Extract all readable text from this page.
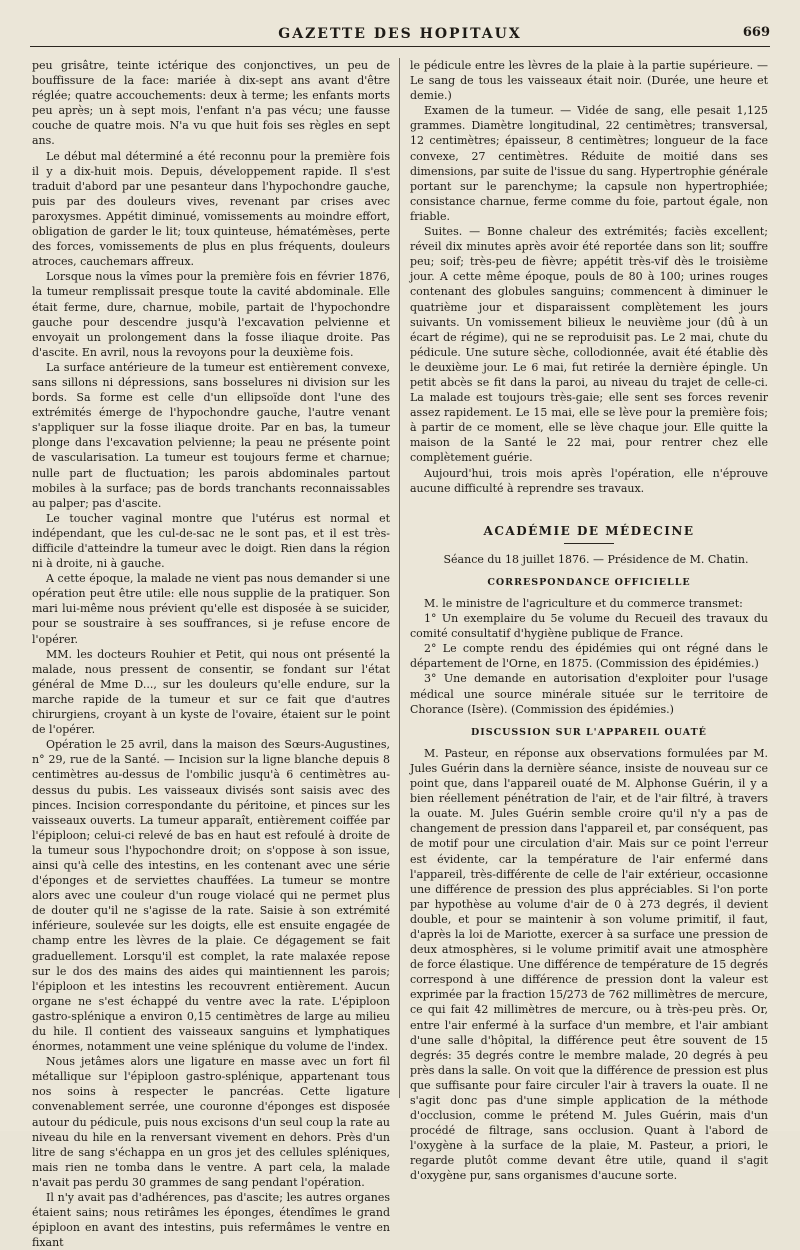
GAZETTE DES HOPITAUX	669

peu grisâtre, teinte ictérique des conjonctives, un peu de bouffissure de la face: mariée à dix-sept ans avant d'être réglée; quatre accouchements: deux à terme; les enfants morts peu après; un à sept mois, l'enfant n'a pas vécu; une fausse couche de quatre mois. N'a vu que huit fois ses règles en sept ans.

Le début mal déterminé a été reconnu pour la première fois il y a dix-huit mois. Depuis, développement rapide. Il s'est traduit d'abord par une pesanteur dans l'hypochondre gauche, puis par des douleurs vives, revenant par crises avec paroxysmes. Appétit diminué, vomissements au moindre effort, obligation de garder le lit; toux quinteuse, hématémèses, perte des forces, vomissements de plus en plus fréquents, douleurs atroces, cauchemars affreux.

Lorsque nous la vîmes pour la première fois en février 1876, la tumeur remplissait presque toute la cavité abdominale. Elle était ferme, dure, charnue, mobile, partait de l'hypochondre gauche pour descendre jusqu'à l'excavation pelvienne et envoyait un prolongement dans la fosse iliaque droite. Pas d'ascite. En avril, nous la revoyons pour la deuxième fois.

La surface antérieure de la tumeur est entièrement convexe, sans sillons ni dépressions, sans bosselures ni division sur les bords. Sa forme est celle d'un ellipsoïde dont l'une des extrémités émerge de l'hypochondre gauche, l'autre venant s'appliquer sur la fosse iliaque droite. Par en bas, la tumeur plonge dans l'excavation pelvienne; la peau ne présente point de vascularisation. La tumeur est toujours ferme et charnue; nulle part de fluctuation; les parois abdominales partout mobiles à la surface; pas de bords tranchants reconnaissables au palper; pas d'ascite.

Le toucher vaginal montre que l'utérus est normal et indépendant, que les cul-de-sac ne le sont pas, et il est très-difficile d'atteindre la tumeur avec le doigt. Rien dans la région ni à droite, ni à gauche.

A cette époque, la malade ne vient pas nous demander si une opération peut être utile: elle nous supplie de la pratiquer. Son mari lui-même nous prévient qu'elle est disposée à se suicider, pour se soustraire à ses souffrances, si je refuse encore de l'opérer.

MM. les docteurs Rouhier et Petit, qui nous ont présenté la malade, nous pressent de consentir, se fondant sur l'état général de Mme D..., sur les douleurs qu'elle endure, sur la marche rapide de la tumeur et sur ce fait que d'autres chirurgiens, croyant à un kyste de l'ovaire, étaient sur le point de l'opérer.

Opération le 25 avril, dans la maison des Sœurs-Augustines, n° 29, rue de la Santé. — Incision sur la ligne blanche depuis 8 centimètres au-dessus de l'ombilic jusqu'à 6 centimètres au-dessus du pubis. Les vaisseaux divisés sont saisis avec des pinces. Incision correspondante du péritoine, et pinces sur les vaisseaux ouverts. La tumeur apparaît, entièrement coiffée par l'épiploon; celui-ci relevé de bas en haut est refoulé à droite de la tumeur sous l'hypochondre droit; on s'oppose à son issue, ainsi qu'à celle des intestins, en les contenant avec une série d'éponges et de serviettes chauffées. La tumeur se montre alors avec une couleur d'un rouge violacé qui ne permet plus de douter qu'il ne s'agisse de la rate. Saisie à son extrémité inférieure, soulevée sur les doigts, elle est ensuite engagée de champ entre les lèvres de la plaie. Ce dégagement se fait graduellement. Lorsqu'il est complet, la rate malaxée repose sur le dos des mains des aides qui maintiennent les parois; l'épiploon et les intestins les recouvrent entièrement. Aucun organe ne s'est échappé du ventre avec la rate. L'épiploon gastro-splénique a environ 0,15 centimètres de large au milieu du hile. Il contient des vaisseaux sanguins et lymphatiques énormes, notamment une veine splénique du volume de l'index.

Nous jetâmes alors une ligature en masse avec un fort fil métallique sur l'épiploon gastro-splénique, appartenant tous nos soins à respecter le pancréas. Cette ligature convenablement serrée, une couronne d'éponges est disposée autour du pédicule, puis nous excisons d'un seul coup la rate au niveau du hile en la renversant vivement en dehors. Près d'un litre de sang s'échappa en un gros jet des cellules spléniques, mais rien ne tomba dans le ventre. A part cela, la malade n'avait pas perdu 30 grammes de sang pendant l'opération.

Il n'y avait pas d'adhérences, pas d'ascite; les autres organes étaient sains; nous retirâmes les éponges, étendîmes le grand épiploon en avant des intestins, puis refermâmes le ventre en fixant

le pédicule entre les lèvres de la plaie à la partie supérieure. — Le sang de tous les vaisseaux était noir. (Durée, une heure et demie.)

Examen de la tumeur. — Vidée de sang, elle pesait 1,125 grammes. Diamètre longitudinal, 22 centimètres; transversal, 12 centimètres; épaisseur, 8 centimètres; longueur de la face convexe, 27 centimètres. Réduite de moitié dans ses dimensions, par suite de l'issue du sang. Hypertrophie générale portant sur le parenchyme; la capsule non hypertrophiée; consistance charnue, ferme comme du foie, partout égale, non friable.

Suites. — Bonne chaleur des extrémités; faciès excellent; réveil dix minutes après avoir été reportée dans son lit; souffre peu; soif; très-peu de fièvre; appétit très-vif dès le troisième jour. A cette même époque, pouls de 80 à 100; urines rouges contenant des globules sanguins; commencent à diminuer le quatrième jour et disparaissent complètement les jours suivants. Un vomissement bilieux le neuvième jour (dû à un écart de régime), qui ne se reproduisit pas. Le 2 mai, chute du pédicule. Une suture sèche, collodionnée, avait été établie dès le deuxième jour. Le 6 mai, fut retirée la dernière épingle. Un petit abcès se fit dans la paroi, au niveau du trajet de celle-ci. La malade est toujours très-gaie; elle sent ses forces revenir assez rapidement. Le 15 mai, elle se lève pour la première fois; à partir de ce moment, elle se lève chaque jour. Elle quitte la maison de la Santé le 22 mai, pour rentrer chez elle complètement guérie.

Aujourd'hui, trois mois après l'opération, elle n'éprouve aucune difficulté à reprendre ses travaux.

ACADÉMIE DE MÉDECINE

Séance du 18 juillet 1876. — Présidence de M. Chatin.

CORRESPONDANCE OFFICIELLE

M. le ministre de l'agriculture et du commerce transmet:

1° Un exemplaire du 5e volume du Recueil des travaux du comité consultatif d'hygiène publique de France.

2° Le compte rendu des épidémies qui ont régné dans le département de l'Orne, en 1875. (Commission des épidémies.)

3° Une demande en autorisation d'exploiter pour l'usage médical une source minérale située sur le territoire de Chorance (Isère). (Commission des épidémies.)

DISCUSSION SUR L'APPAREIL OUATÉ

M. Pasteur, en réponse aux observations formulées par M. Jules Guérin dans la dernière séance, insiste de nouveau sur ce point que, dans l'appareil ouaté de M. Alphonse Guérin, il y a bien réellement pénétration de l'air, et de l'air filtré, à travers la ouate. M. Jules Guérin semble croire qu'il n'y a pas de changement de pression dans l'appareil et, par conséquent, pas de motif pour une circulation d'air. Mais sur ce point l'erreur est évidente, car la température de l'air enfermé dans l'appareil, très-différente de celle de l'air extérieur, occasionne une différence de pression des plus appréciables. Si l'on porte par hypothèse au volume d'air de 0 à 273 degrés, il devient double, et pour se maintenir à son volume primitif, il faut, d'après la loi de Mariotte, exercer à sa surface une pression de deux atmosphères, si le volume primitif avait une atmosphère de force élastique. Une différence de température de 15 degrés correspond à une différence de pression dont la valeur est exprimée par la fraction 15/273 de 762 millimètres de mercure, ce qui fait 42 millimètres de mercure, ou à très-peu près. Or, entre l'air enfermé à la surface d'un membre, et l'air ambiant d'une salle d'hôpital, la différence peut être souvent de 15 degrés: 35 degrés contre le membre malade, 20 degrés à peu près dans la salle. On voit que la différence de pression est plus que suffisante pour faire circuler l'air à travers la ouate. Il ne s'agit donc pas d'une simple application de la méthode d'occlusion, comme le prétend M. Jules Guérin, mais d'un procédé de filtrage, sans occlusion. Quant à l'abord de l'oxygène à la surface de la plaie, M. Pasteur, a priori, le regarde plutôt comme devant être utile, quand il s'agit d'oxygène pur, sans organismes d'aucune sorte.
